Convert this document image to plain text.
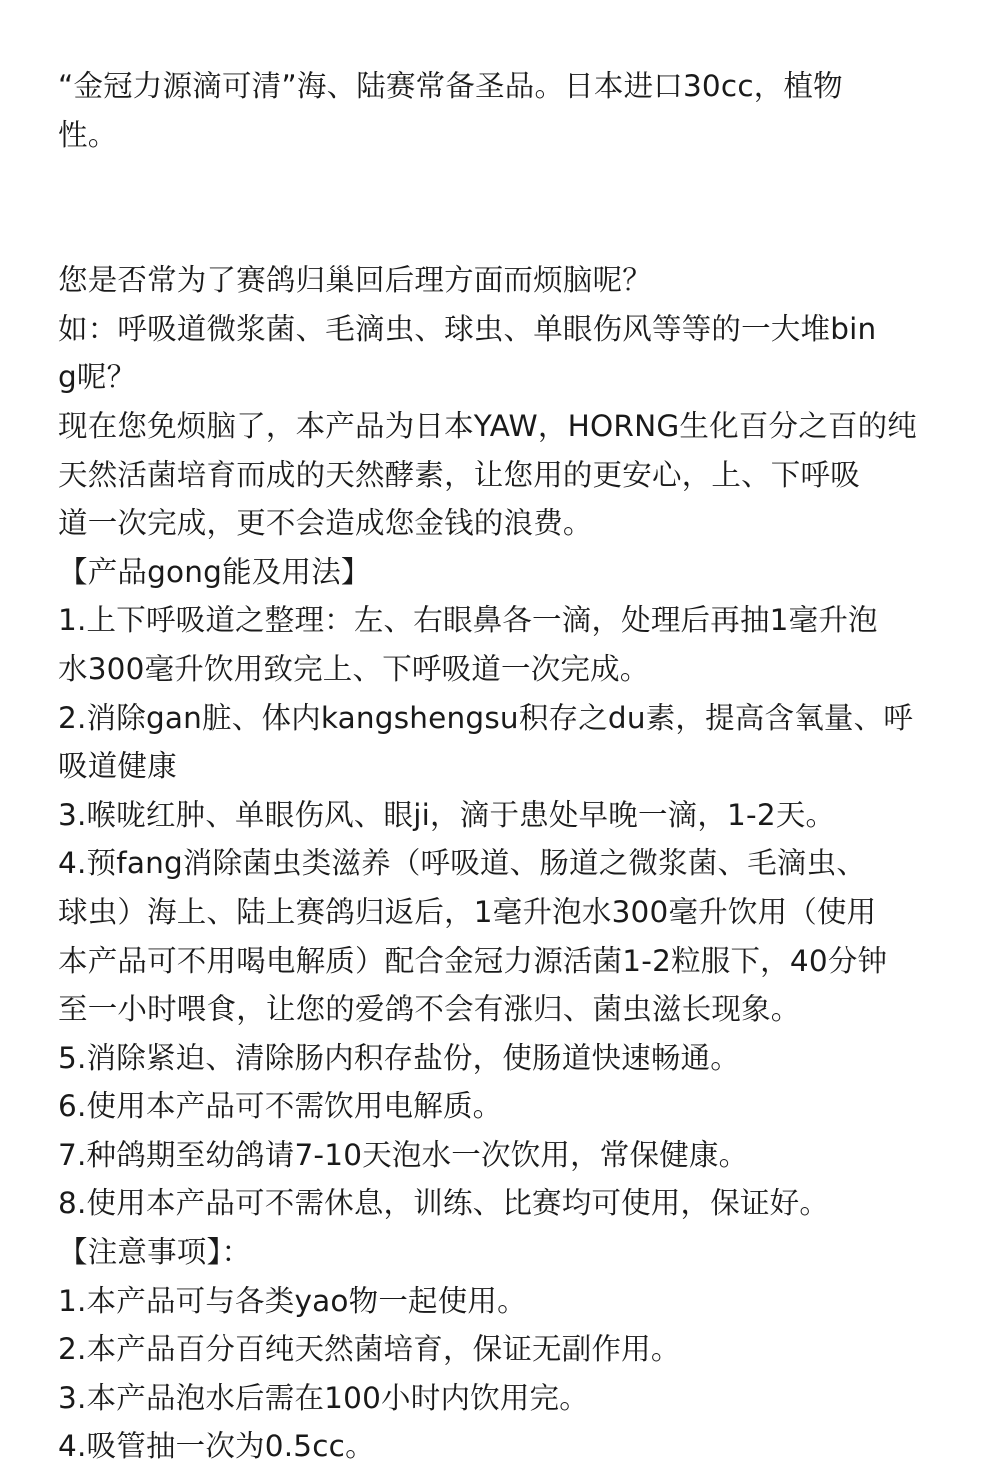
“金冠力源滴可清”海、陆赛常备圣品。日本进口30cc，植物
性。
您是否常为了赛鸽归巢回后理方面而烦脑呢？
如：呼吸道微浆菌、毛滴虫、球虫、单眼伤风等等的一大堆bin
g呢？
现在您免烦脑了，本产品为日本YAW，HORNG生化百分之百的纯
天然活菌培育而成的天然酵素，让您用的更安心，上、下呼吸
道一次完成，更不会造成您金钱的浪费。
【产品gong能及用法】
1.上下呼吸道之整理：左、右眼鼻各一滴，处理后再抽1毫升泡
水300毫升饮用致完上、下呼吸道一次完成。
2.消除gan脏、体内kangshengsu积存之du素，提高含氧量、呼
吸道健康
3.喉咙红肿、单眼伤风、眼ji，滴于患处早晚一滴，1-2天。
4.预fang消除菌虫类滋养（呼吸道、肠道之微浆菌、毛滴虫、
球虫）海上、陆上赛鸽归返后，1毫升泡水300毫升饮用（使用
本产品可不用喝电解质）配合金冠力源活菌1-2粒服下，40分钟
至一小时喂食，让您的爱鸽不会有涨归、菌虫滋长现象。
5.消除紧迫、清除肠内积存盐份，使肠道快速畅通。
6.使用本产品可不需饮用电解质。
7.种鸽期至幼鸽请7-10天泡水一次饮用，常保健康。
8.使用本产品可不需休息，训练、比赛均可使用，保证好。
【注意事项】：
1.本产品可与各类yao物一起使用。
2.本产品百分百纯天然菌培育，保证无副作用。
3.本产品泡水后需在100小时内饮用完。
4.吸管抽一次为0.5cc。
